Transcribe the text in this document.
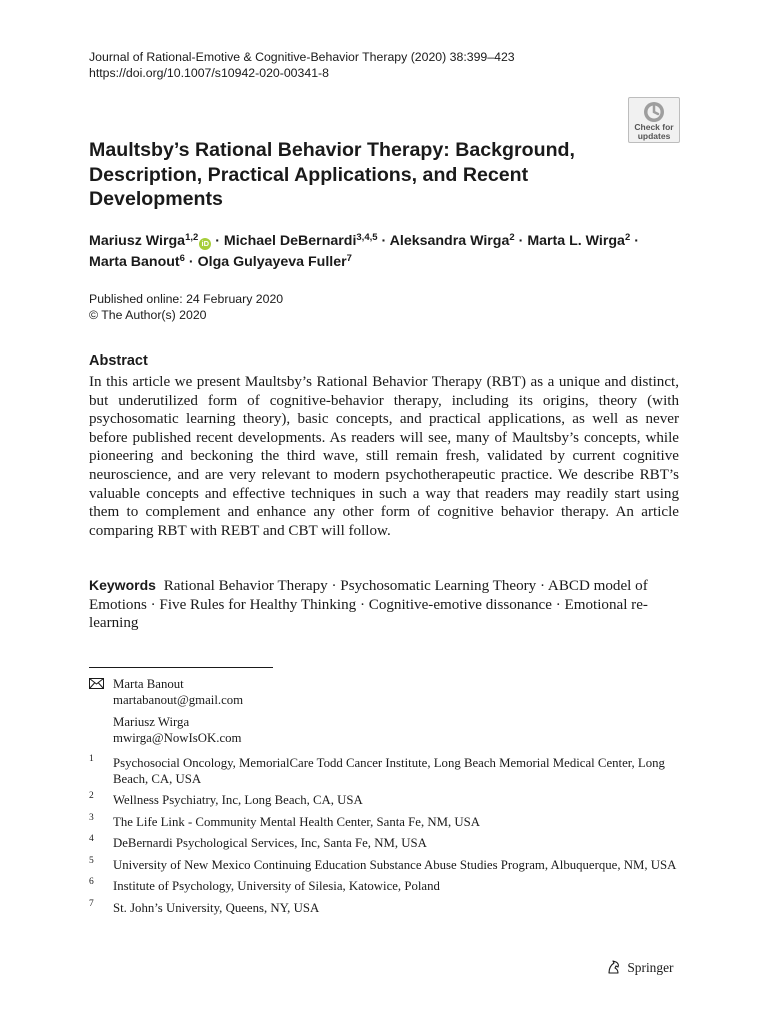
Journal of Rational-Emotive & Cognitive-Behavior Therapy (2020) 38:399–423
https://doi.org/10.1007/s10942-020-00341-8
Check for
updates
Maultsby’s Rational Behavior Therapy: Background, Description, Practical Applications, and Recent Developments
Mariusz Wirga$^{1,2}$iD · Michael DeBernardi$^{3,4,5}$ · Aleksandra Wirga$^2$ · Marta L. Wirga$^2$ ·
Marta Banout$^6$ · Olga Gulyayeva Fuller$^7$
Published online: 24 February 2020
© The Author(s) 2020
Abstract
In this article we present Maultsby’s Rational Behavior Therapy (RBT) as a unique and distinct, but underutilized form of cognitive-behavior therapy, including its origins, theory (with psychosomatic learning theory), basic concepts, and practical applications, as well as never before published recent developments. As readers will see, many of Maultsby’s concepts, while pioneering and beckoning the third wave, still remain fresh, validated by current cognitive neuroscience, and are very relevant to modern psychotherapeutic practice. We describe RBT’s valuable concepts and effective techniques in such a way that readers may readily start using them to complement and enhance any other form of cognitive behavior therapy. An article comparing RBT with REBT and CBT will follow.
Keywords Rational Behavior Therapy · Psychosomatic Learning Theory · ABCD model of Emotions · Five Rules for Healthy Thinking · Cognitive-emotive dissonance · Emotional re-learning
Marta Banout
martabanout@gmail.com
Mariusz Wirga
mwirga@NowIsOK.com
1 Psychosocial Oncology, MemorialCare Todd Cancer Institute, Long Beach Memorial Medical Center, Long Beach, CA, USA
2 Wellness Psychiatry, Inc, Long Beach, CA, USA
3 The Life Link - Community Mental Health Center, Santa Fe, NM, USA
4 DeBernardi Psychological Services, Inc, Santa Fe, NM, USA
5 University of New Mexico Continuing Education Substance Abuse Studies Program, Albuquerque, NM, USA
6 Institute of Psychology, University of Silesia, Katowice, Poland
7 St. John’s University, Queens, NY, USA
Springer
